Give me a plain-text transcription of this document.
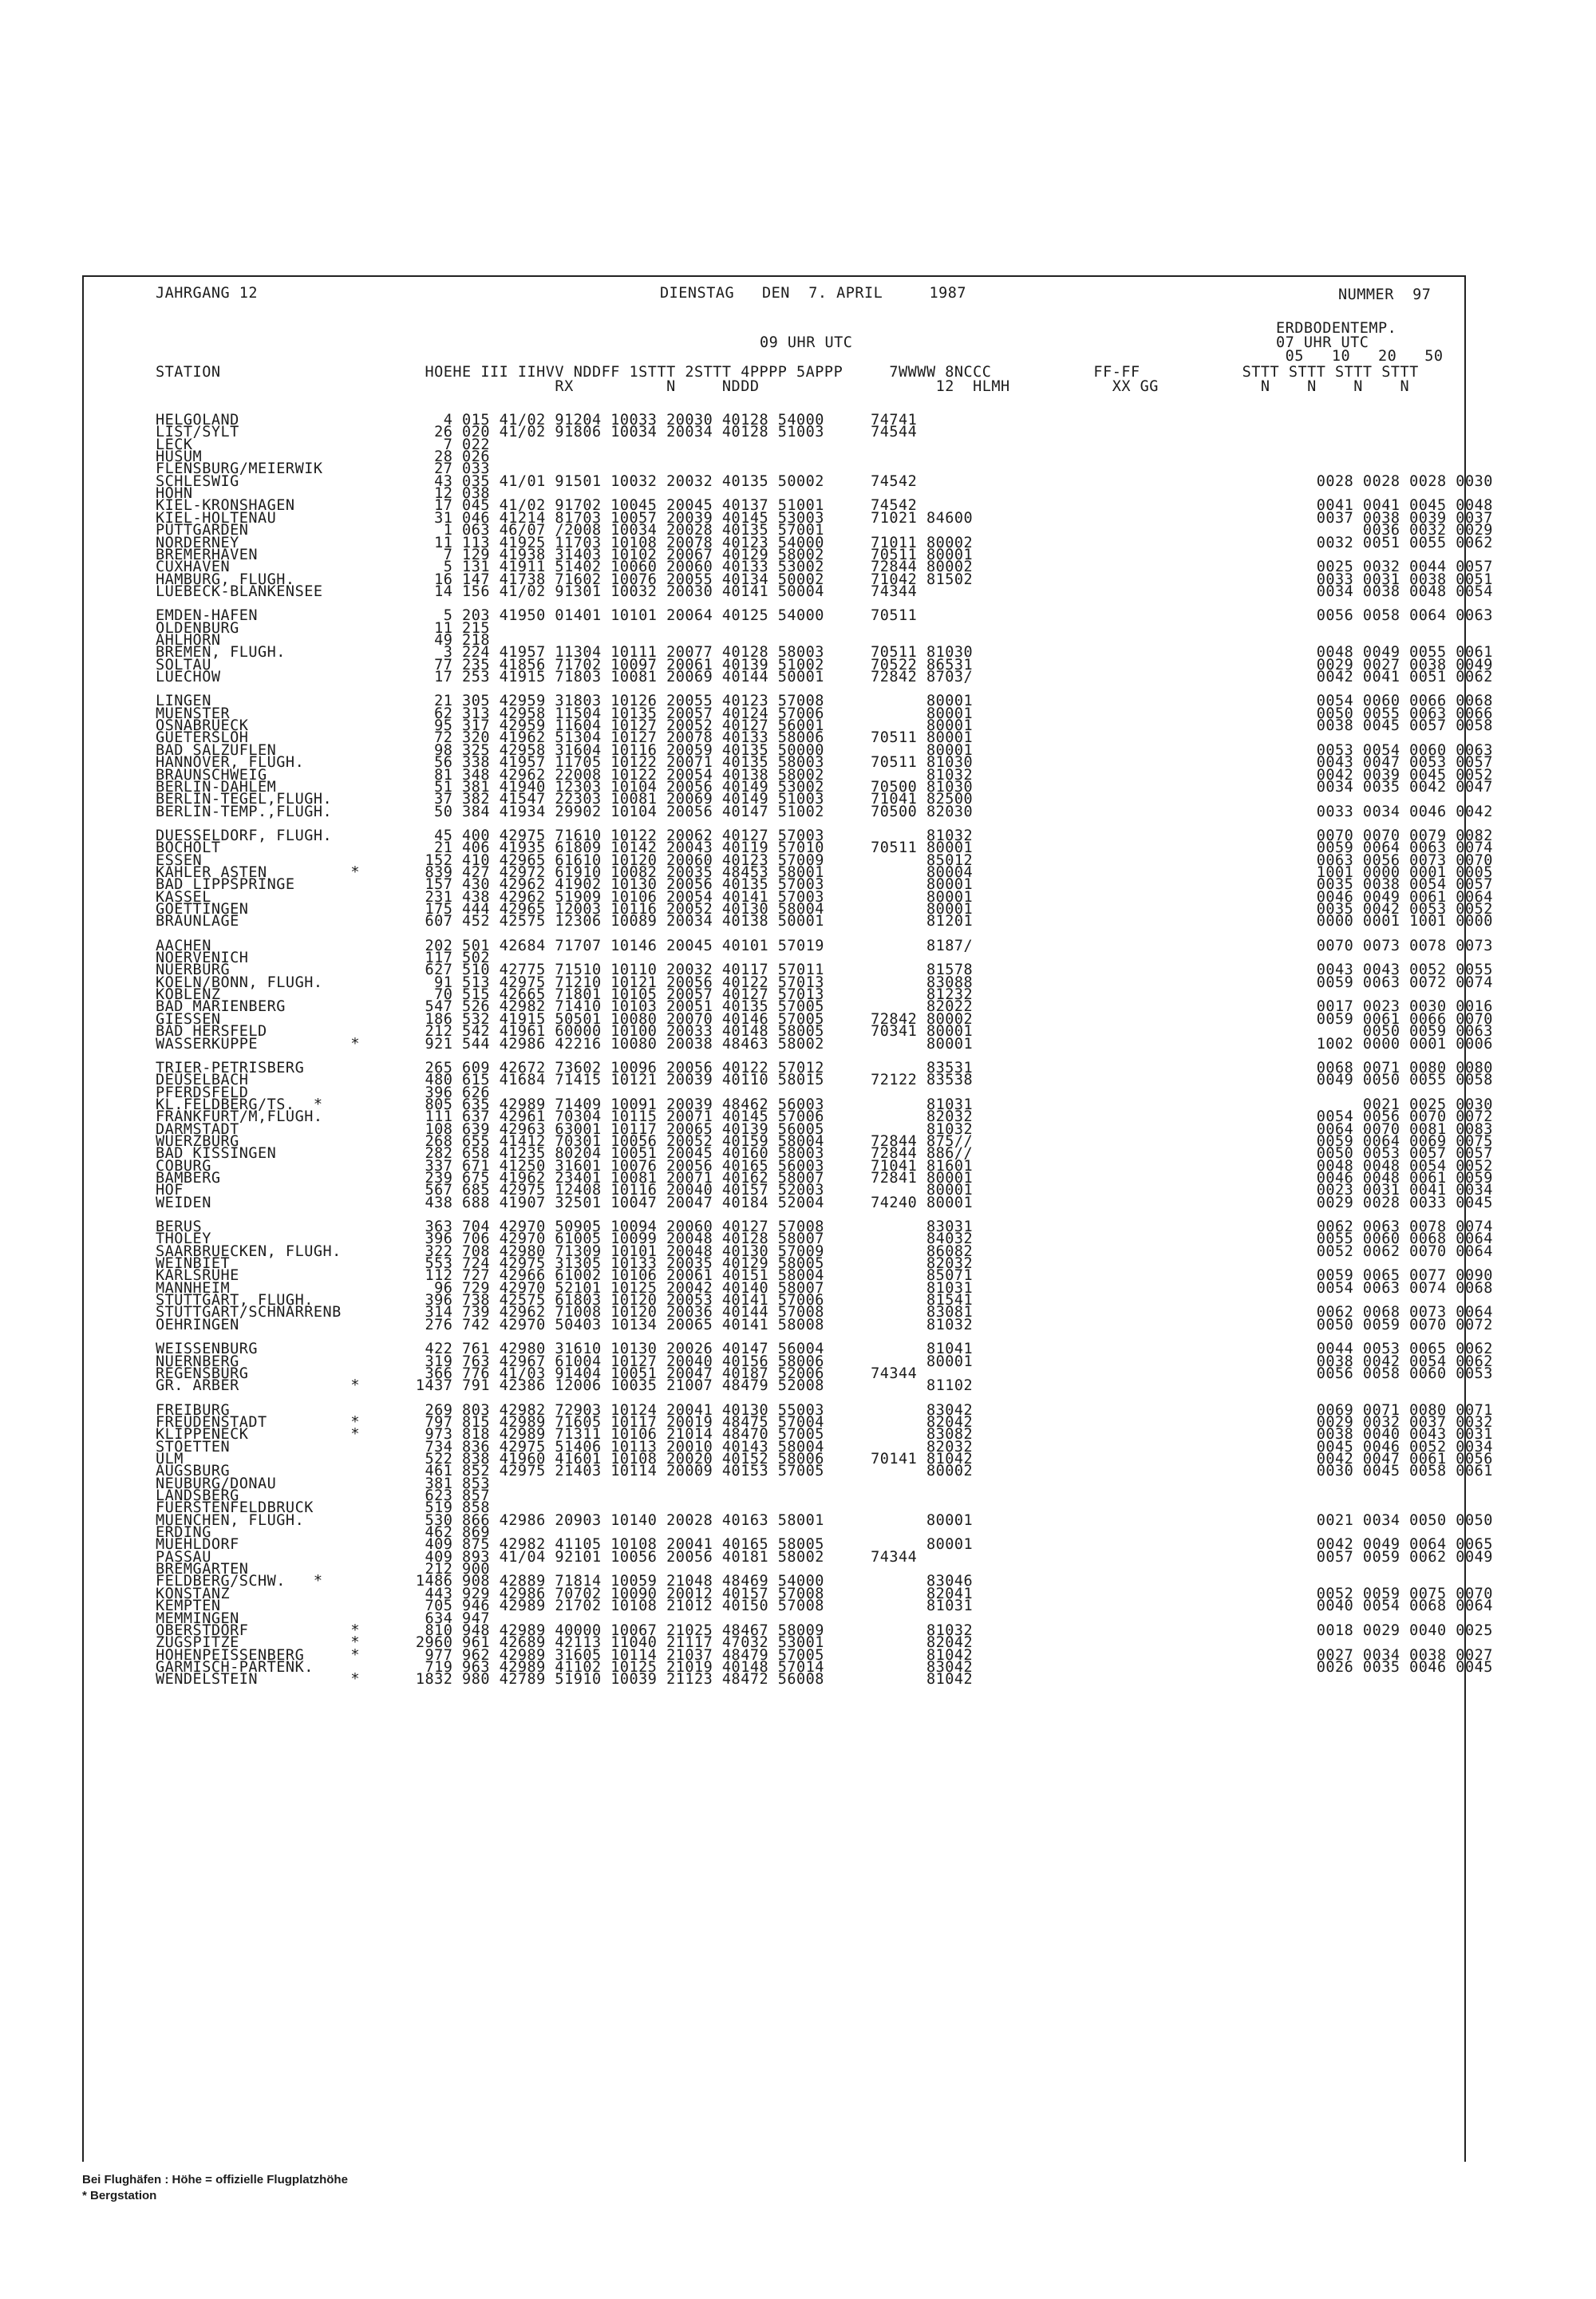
JAHRGANG 12	DIENSTAG   DEN  7. APRIL     1987	NUMMER  97
ERDBODENTEMP.
09 UHR UTC	07 UHR UTC
05   10   20   50
STATION                      HOEHE III IIHVV NDDFF 1STTT 2STTT 4PPPP 5APPP     7WWWW 8NCCC           FF-FF           STTT STTT STTT STTT
RX          N     NDDD                   12  HLMH           XX GG           N    N    N    N
HELGOLAND                      4 015 41/02 91204 10033 20030 40128 54000     74741
LIST/SYLT                     26 020 41/02 91806 10034 20034 40128 51003     74544
LECK                           7 022
HUSUM                         28 026
FLENSBURG/MEIERWIK            27 033
SCHLESWIG                     43 035 41/01 91501 10032 20032 40135 50002     74542                                           0028 0028 0028 0030
HOHN                          12 038
KIEL-KRONSHAGEN               17 045 41/02 91702 10045 20045 40137 51001     74542                                           0041 0041 0045 0048
KIEL-HOLTENAU                 31 046 41214 81703 10057 20039 40145 53003     71021 84600                                     0037 0038 0039 0037
PUTTGARDEN                     1 063 46/07 /2008 10034 20028 40135 57001                                                          0036 0032 0029
NORDERNEY                     11 113 41925 11703 10108 20078 40123 54000     71011 80002                                     0032 0051 0055 0062
BREMERHAVEN                    7 129 41938 31403 10102 20067 40129 58002     70511 80001
CUXHAVEN                       5 131 41911 51402 10060 20060 40133 53002     72844 80002                                     0025 0032 0044 0057
HAMBURG, FLUGH.               16 147 41738 71602 10076 20055 40134 50002     71042 81502                                     0033 0031 0038 0051
LUEBECK-BLANKENSEE            14 156 41/02 91301 10032 20030 40141 50004     74344                                           0034 0038 0048 0054
EMDEN-HAFEN                    5 203 41950 01401 10101 20064 40125 54000     70511                                           0056 0058 0064 0063
OLDENBURG                     11 215
AHLHORN                       49 218
BREMEN, FLUGH.                 3 224 41957 11304 10111 20077 40128 58003     70511 81030                                     0048 0049 0055 0061
SOLTAU                        77 235 41856 71702 10097 20061 40139 51002     70522 86531                                     0029 0027 0038 0049
LUECHOW                       17 253 41915 71803 10081 20069 40144 50001     72842 8703/                                     0042 0041 0051 0062
LINGEN                        21 305 42959 31803 10126 20055 40123 57008           80001                                     0054 0060 0066 0068
MUENSTER                      62 313 42958 11504 10135 20057 40124 57006           80001                                     0050 0055 0063 0066
OSNABRUECK                    95 317 42959 11604 10127 20052 40127 56001           80001                                     0038 0045 0057 0058
GUETERSLOH                    72 320 41962 51304 10127 20078 40133 58006     70511 80001
BAD SALZUFLEN                 98 325 42958 31604 10116 20059 40135 50000           80001                                     0053 0054 0060 0063
HANNOVER, FLUGH.              56 338 41957 11705 10122 20071 40135 58003     70511 81030                                     0043 0047 0053 0057
BRAUNSCHWEIG                  81 348 42962 22008 10122 20054 40138 58002           81032                                     0042 0039 0045 0052
BERLIN-DAHLEM                 51 381 41940 12303 10104 20056 40149 53002     70500 81030                                     0034 0035 0042 0047
BERLIN-TEGEL,FLUGH.           37 382 41547 22303 10081 20069 40149 51003     71041 82500
BERLIN-TEMP.,FLUGH.           50 384 41934 29902 10104 20056 40147 51002     70500 82030                                     0033 0034 0046 0042
DUESSELDORF, FLUGH.           45 400 42975 71610 10122 20062 40127 57003           81032                                     0070 0070 0079 0082
BOCHOLT                       21 406 41935 61809 10142 20043 40119 57010     70511 80001                                     0059 0064 0063 0074
ESSEN                        152 410 42965 61610 10120 20060 40123 57009           85012                                     0063 0056 0073 0070
KAHLER ASTEN         *       839 427 42972 61910 10082 20035 48453 58001           80004                                     1001 0000 0001 0005
BAD LIPPSPRINGE              157 430 42962 41902 10130 20056 40135 57003           80001                                     0035 0038 0054 0057
KASSEL                       231 438 42962 51909 10106 20054 40141 57003           80001                                     0046 0049 0061 0064
GOETTINGEN                   175 444 42965 12003 10116 20052 40130 58004           80001                                     0035 0042 0053 0052
BRAUNLAGE                    607 452 42575 12306 10089 20034 40138 50001           81201                                     0000 0001 1001 0000
AACHEN                       202 501 42684 71707 10146 20045 40101 57019           8187/                                     0070 0073 0078 0073
NOERVENICH                   117 502
NUERBURG                     627 510 42775 71510 10110 20032 40117 57011           81578                                     0043 0043 0052 0055
KOELN/BONN, FLUGH.            91 513 42975 71210 10121 20056 40122 57013           83088                                     0059 0063 0072 0074
KOBLENZ                       70 515 42665 71801 10105 20057 40127 57013           81232
BAD MARIENBERG               547 526 42982 71410 10103 20051 40135 57005           82022                                     0017 0023 0030 0016
GIESSEN                      186 532 41915 50501 10080 20070 40146 57005     72842 80002                                     0059 0061 0066 0070
BAD HERSFELD                 212 542 41961 60000 10100 20033 40148 58005     70341 80001                                          0050 0059 0063
WASSERKUPPE          *       921 544 42986 42216 10080 20038 48463 58002           80001                                     1002 0000 0001 0006
TRIER-PETRISBERG             265 609 42672 73602 10096 20056 40122 57012           83531                                     0068 0071 0080 0080
DEUSELBACH                   480 615 41684 71415 10121 20039 40110 58015     72122 83538                                     0049 0050 0055 0058
PFERDSFELD                   396 626
KL.FELDBERG/TS.  *           805 635 42989 71409 10091 20039 48462 56003           81031                                          0021 0025 0030
FRANKFURT/M,FLUGH.           111 637 42961 70304 10115 20071 40145 57006           82032                                     0054 0056 0070 0072
DARMSTADT                    108 639 42963 63001 10117 20065 40139 56005           81032                                     0064 0070 0081 0083
WUERZBURG                    268 655 41412 70301 10056 20052 40159 58004     72844 875//                                     0059 0064 0069 0075
BAD KISSINGEN                282 658 41235 80204 10051 20045 40160 58003     72844 886//                                     0050 0053 0057 0057
COBURG                       337 671 41250 31601 10076 20056 40165 56003     71041 81601                                     0048 0048 0054 0052
BAMBERG                      239 675 41962 23401 10081 20071 40162 58007     72841 80001                                     0046 0048 0061 0059
HOF                          567 685 42975 12408 10116 20040 40157 52003           80001                                     0023 0031 0041 0034
WEIDEN                       438 688 41907 32501 10047 20047 40184 52004     74240 80001                                     0029 0028 0033 0045
BERUS                        363 704 42970 50905 10094 20060 40127 57008           83031                                     0062 0063 0078 0074
THOLEY                       396 706 42970 61005 10099 20048 40128 58007           84032                                     0055 0060 0068 0064
SAARBRUECKEN, FLUGH.         322 708 42980 71309 10101 20048 40130 57009           86082                                     0052 0062 0070 0064
WEINBIET                     553 724 42975 31305 10133 20035 40129 58005           82032
KARLSRUHE                    112 727 42966 61002 10106 20061 40151 58004           85071                                     0059 0065 0077 0090
MANNHEIM                      96 729 42970 52101 10125 20042 40140 58007           81031                                     0054 0063 0074 0068
STUTTGART, FLUGH.            396 738 42575 61803 10120 20053 40141 57006           81541
STUTTGART/SCHNARRENB         314 739 42962 71008 10120 20036 40144 57008           83081                                     0062 0068 0073 0064
OEHRINGEN                    276 742 42970 50403 10134 20065 40141 58008           81032                                     0050 0059 0070 0072
WEISSENBURG                  422 761 42980 31610 10130 20026 40147 56004           81041                                     0044 0053 0065 0062
NUERNBERG                    319 763 42967 61004 10127 20040 40156 58006           80001                                     0038 0042 0054 0062
REGENSBURG                   366 776 41/03 91404 10051 20047 40187 52006     74344                                           0056 0058 0060 0053
GR. ARBER            *      1437 791 42386 12006 10035 21007 48479 52008           81102
FREIBURG                     269 803 42982 72903 10124 20041 40130 55003           83042                                     0069 0071 0080 0071
FREUDENSTADT         *       797 815 42989 71605 10117 20019 48475 57004           82042                                     0029 0032 0037 0032
KLIPPENECK           *       973 818 42989 71311 10106 21014 48470 57005           83082                                     0038 0040 0043 0031
STOETTEN                     734 836 42975 51406 10113 20010 40143 58004           82032                                     0045 0046 0052 0034
ULM                          522 838 41960 41601 10108 20020 40152 58006     70141 81042                                     0042 0047 0061 0056
AUGSBURG                     461 852 42975 21403 10114 20009 40153 57005           80002                                     0030 0045 0058 0061
NEUBURG/DONAU                381 853
LANDSBERG                    623 857
FUERSTENFELDBRUCK            519 858
MUENCHEN, FLUGH.             530 866 42986 20903 10140 20028 40163 58001           80001                                     0021 0034 0050 0050
ERDING                       462 869
MUEHLDORF                    409 875 42982 41105 10108 20041 40165 58005           80001                                     0042 0049 0064 0065
PASSAU                       409 893 41/04 92101 10056 20056 40181 58002     74344                                           0057 0059 0062 0049
BREMGARTEN                   212 900
FELDBERG/SCHW.   *          1486 908 42889 71814 10059 21048 48469 54000           83046
KONSTANZ                     443 929 42986 70702 10090 20012 40157 57008           82041                                     0052 0059 0075 0070
KEMPTEN                      705 946 42989 21702 10108 21012 40150 57008           81031                                     0040 0054 0068 0064
MEMMINGEN                    634 947
OBERSTDORF           *       810 948 42989 40000 10067 21025 48467 58009           81032                                     0018 0029 0040 0025
ZUGSPITZE            *      2960 961 42689 42113 11040 21117 47032 53001           82042
HOHENPEISSENBERG     *       977 962 42989 31605 10114 21037 48479 57005           81042                                     0027 0034 0038 0027
GARMISCH-PARTENK.            719 963 42989 41102 10125 21019 40148 57014           83042                                     0026 0035 0046 0045
WENDELSTEIN          *      1832 980 42789 51910 10039 21123 48472 56008           81042
Bei Flughäfen : Höhe = offizielle Flugplatzhöhe
* Bergstation
